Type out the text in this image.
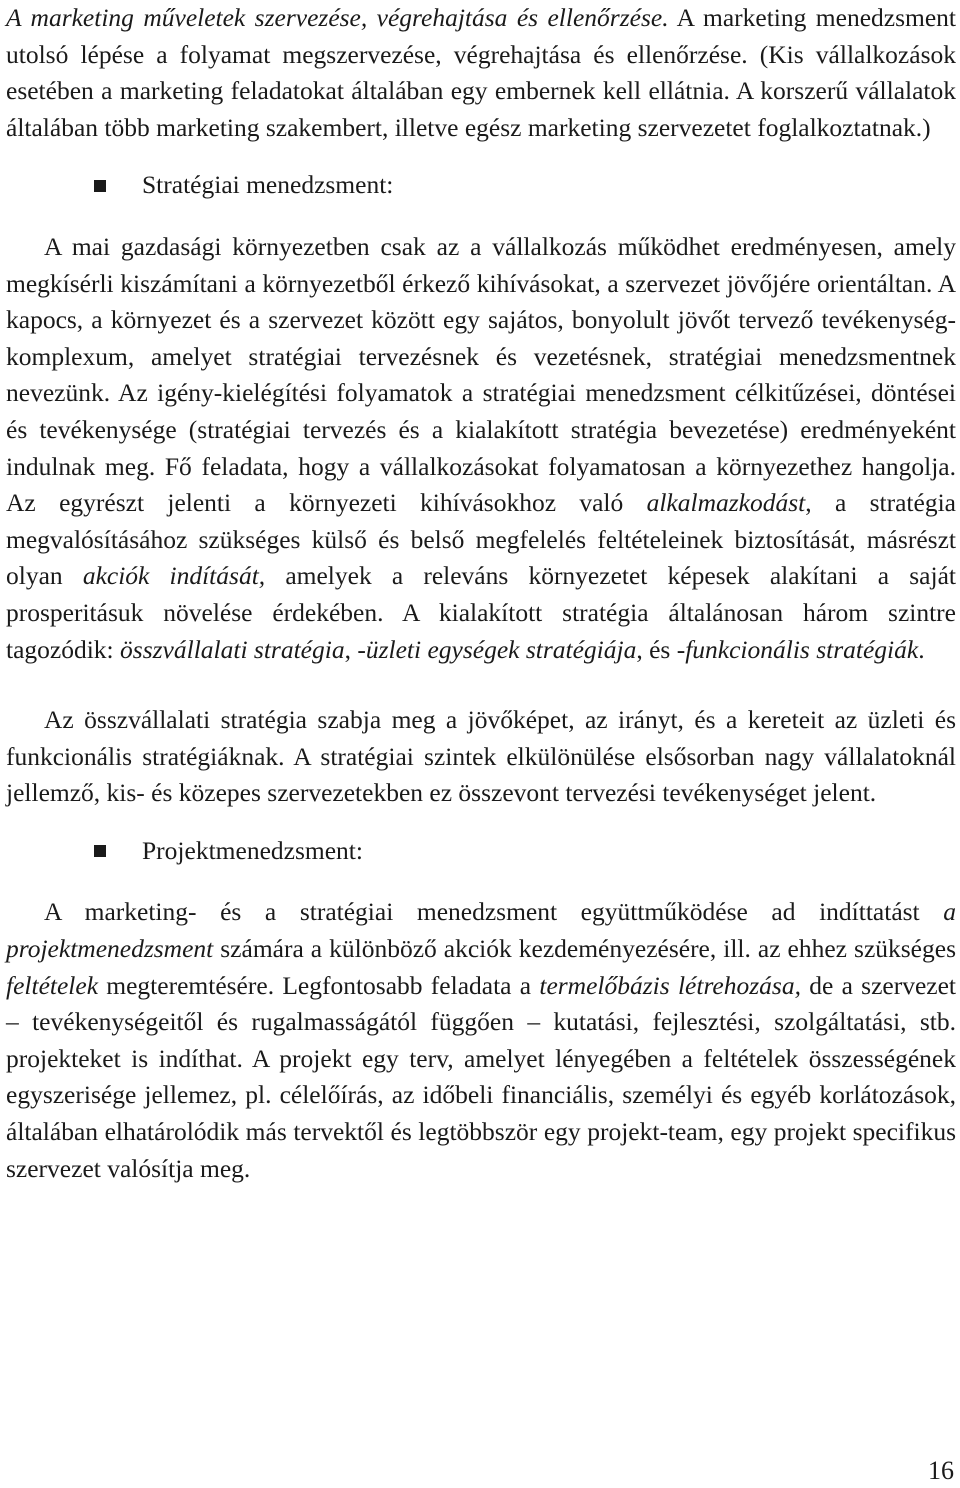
A marketing műveletek szervezése, végrehajtása és ellenőrzése. A marketing menedzsment utolsó lépése a folyamat megszervezése, végrehajtása és ellenőrzése. (Kis vállalkozások esetében a marketing feladatokat általában egy embernek kell ellátnia. A korszerű vállalatok általában több marketing szakembert, illetve egész marketing szervezetet foglalkoztatnak.)

Stratégiai menedzsment:

A mai gazdasági környezetben csak az a vállalkozás működhet eredményesen, amely megkísérli kiszámítani a környezetből érkező kihívásokat, a szervezet jövőjére orientáltan. A kapocs, a környezet és a szervezet között egy sajátos, bonyolult jövőt tervező tevékenység-komplexum, amelyet stratégiai tervezésnek és vezetésnek, stratégiai menedzsmentnek nevezünk. Az igény-kielégítési folyamatok a stratégiai menedzsment célkitűzései, döntései és tevékenysége (stratégiai tervezés és a kialakított stratégia bevezetése) eredményeként indulnak meg. Fő feladata, hogy a vállalkozásokat folyamatosan a környezethez hangolja. Az egyrészt jelenti a környezeti kihívásokhoz való alkalmazkodást, a stratégia megvalósításához szükséges külső és belső megfelelés feltételeinek biztosítását, másrészt olyan akciók indítását, amelyek a releváns környezetet képesek alakítani a saját prosperitásuk növelése érdekében. A kialakított stratégia általánosan három szintre tagozódik: összvállalati stratégia, -üzleti egységek stratégiája, és -funkcionális stratégiák.

Az összvállalati stratégia szabja meg a jövőképet, az irányt, és a kereteit az üzleti és funkcionális stratégiáknak. A stratégiai szintek elkülönülése elsősorban nagy vállalatoknál jellemző, kis- és közepes szervezetekben ez összevont tervezési tevékenységet jelent.

Projektmenedzsment:

A marketing- és a stratégiai menedzsment együttműködése ad indíttatást a projektmenedzsment számára a különböző akciók kezdeményezésére, ill. az ehhez szükséges feltételek megteremtésére. Legfontosabb feladata a termelőbázis létrehozása, de a szervezet – tevékenységeitől és rugalmasságától függően – kutatási, fejlesztési, szolgáltatási, stb. projekteket is indíthat. A projekt egy terv, amelyet lényegében a feltételek összességének egyszerisége jellemez, pl. célelőírás, az időbeli financiális, személyi és egyéb korlátozások, általában elhatárolódik más tervektől és legtöbbször egy projekt-team, egy projekt specifikus szervezet valósítja meg.

16
